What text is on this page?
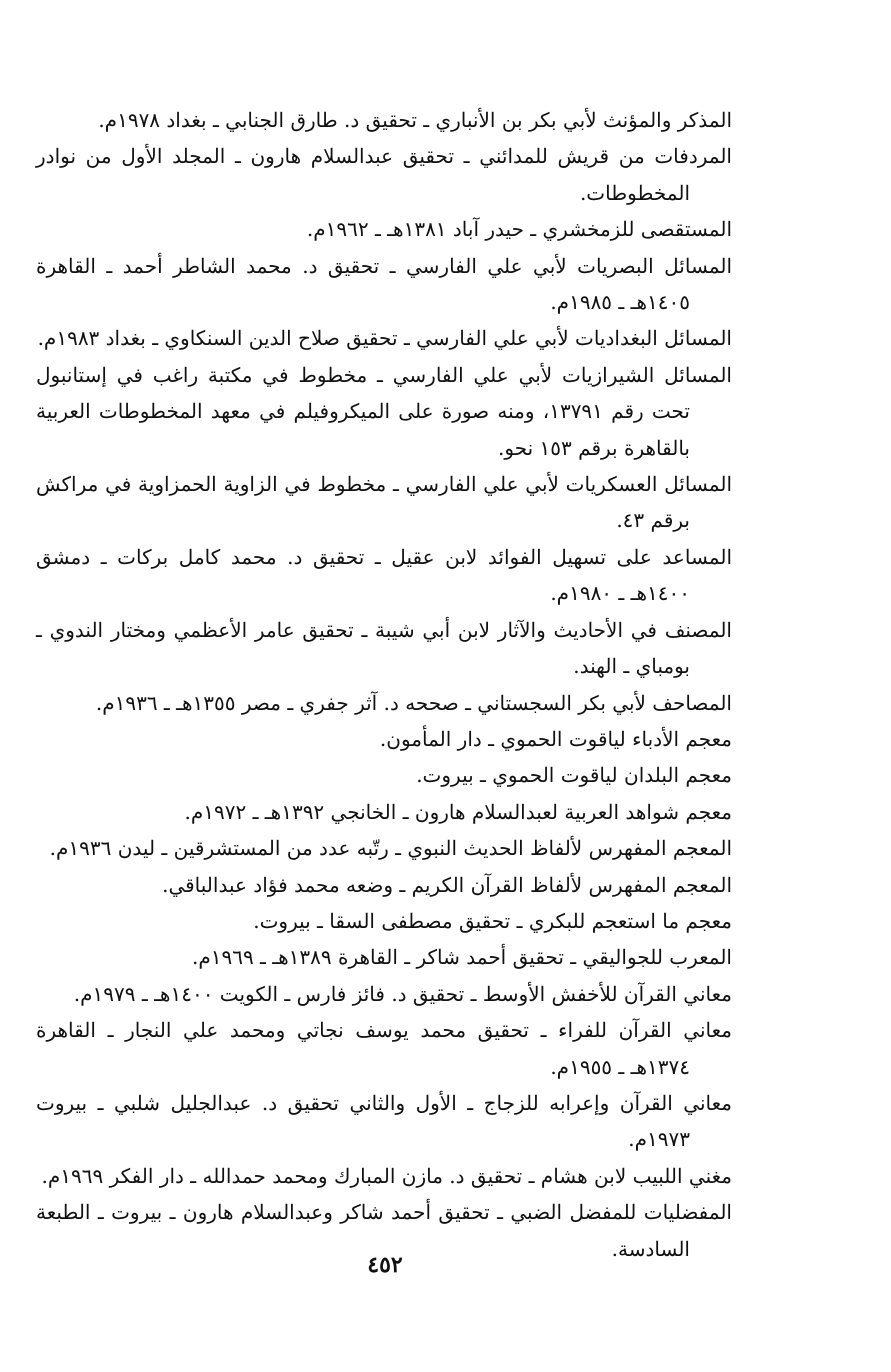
المذكر والمؤنث لأبي بكر بن الأنباري ـ تحقيق د. طارق الجنابي ـ بغداد ١٩٧٨م.

المردفات من قريش للمدائني ـ تحقيق عبدالسلام هارون ـ المجلد الأول من نوادر المخطوطات.

المستقصى للزمخشري ـ حيدر آباد ١٣٨١هـ ـ ١٩٦٢م.

المسائل البصريات لأبي علي الفارسي ـ تحقيق د. محمد الشاطر أحمد ـ القاهرة ١٤٠٥هـ ـ ١٩٨٥م.

المسائل البغداديات لأبي علي الفارسي ـ تحقيق صلاح الدين السنكاوي ـ بغداد ١٩٨٣م.

المسائل الشيرازيات لأبي علي الفارسي ـ مخطوط في مكتبة راغب في إستانبول تحت رقم ١٣٧٩١، ومنه صورة على الميكروفيلم في معهد المخطوطات العربية بالقاهرة برقم ١٥٣ نحو.

المسائل العسكريات لأبي علي الفارسي ـ مخطوط في الزاوية الحمزاوية في مراكش برقم ٤٣.

المساعد على تسهيل الفوائد لابن عقيل ـ تحقيق د. محمد كامل بركات ـ دمشق ١٤٠٠هـ ـ ١٩٨٠م.

المصنف في الأحاديث والآثار لابن أبي شيبة ـ تحقيق عامر الأعظمي ومختار الندوي ـ بومباي ـ الهند.

المصاحف لأبي بكر السجستاني ـ صححه د. آثر جفري ـ مصر ١٣٥٥هـ ـ ١٩٣٦م.

معجم الأدباء لياقوت الحموي ـ دار المأمون.

معجم البلدان لياقوت الحموي ـ بيروت.

معجم شواهد العربية لعبدالسلام هارون ـ الخانجي ١٣٩٢هـ ـ ١٩٧٢م.

المعجم المفهرس لألفاظ الحديث النبوي ـ رتّبه عدد من المستشرقين ـ ليدن ١٩٣٦م.

المعجم المفهرس لألفاظ القرآن الكريم ـ وضعه محمد فؤاد عبدالباقي.

معجم ما استعجم للبكري ـ تحقيق مصطفى السقا ـ بيروت.

المعرب للجواليقي ـ تحقيق أحمد شاكر ـ القاهرة ١٣٨٩هـ ـ ١٩٦٩م.

معاني القرآن للأخفش الأوسط ـ تحقيق د. فائز فارس ـ الكويت ١٤٠٠هـ ـ ١٩٧٩م.

معاني القرآن للفراء ـ تحقيق محمد يوسف نجاتي ومحمد علي النجار ـ القاهرة ١٣٧٤هـ ـ ١٩٥٥م.

معاني القرآن وإعرابه للزجاج ـ الأول والثاني تحقيق د. عبدالجليل شلبي ـ بيروت ١٩٧٣م.

مغني اللبيب لابن هشام ـ تحقيق د. مازن المبارك ومحمد حمدالله ـ دار الفكر ١٩٦٩م.

المفضليات للمفضل الضبي ـ تحقيق أحمد شاكر وعبدالسلام هارون ـ بيروت ـ الطبعة السادسة.

٤٥٢
